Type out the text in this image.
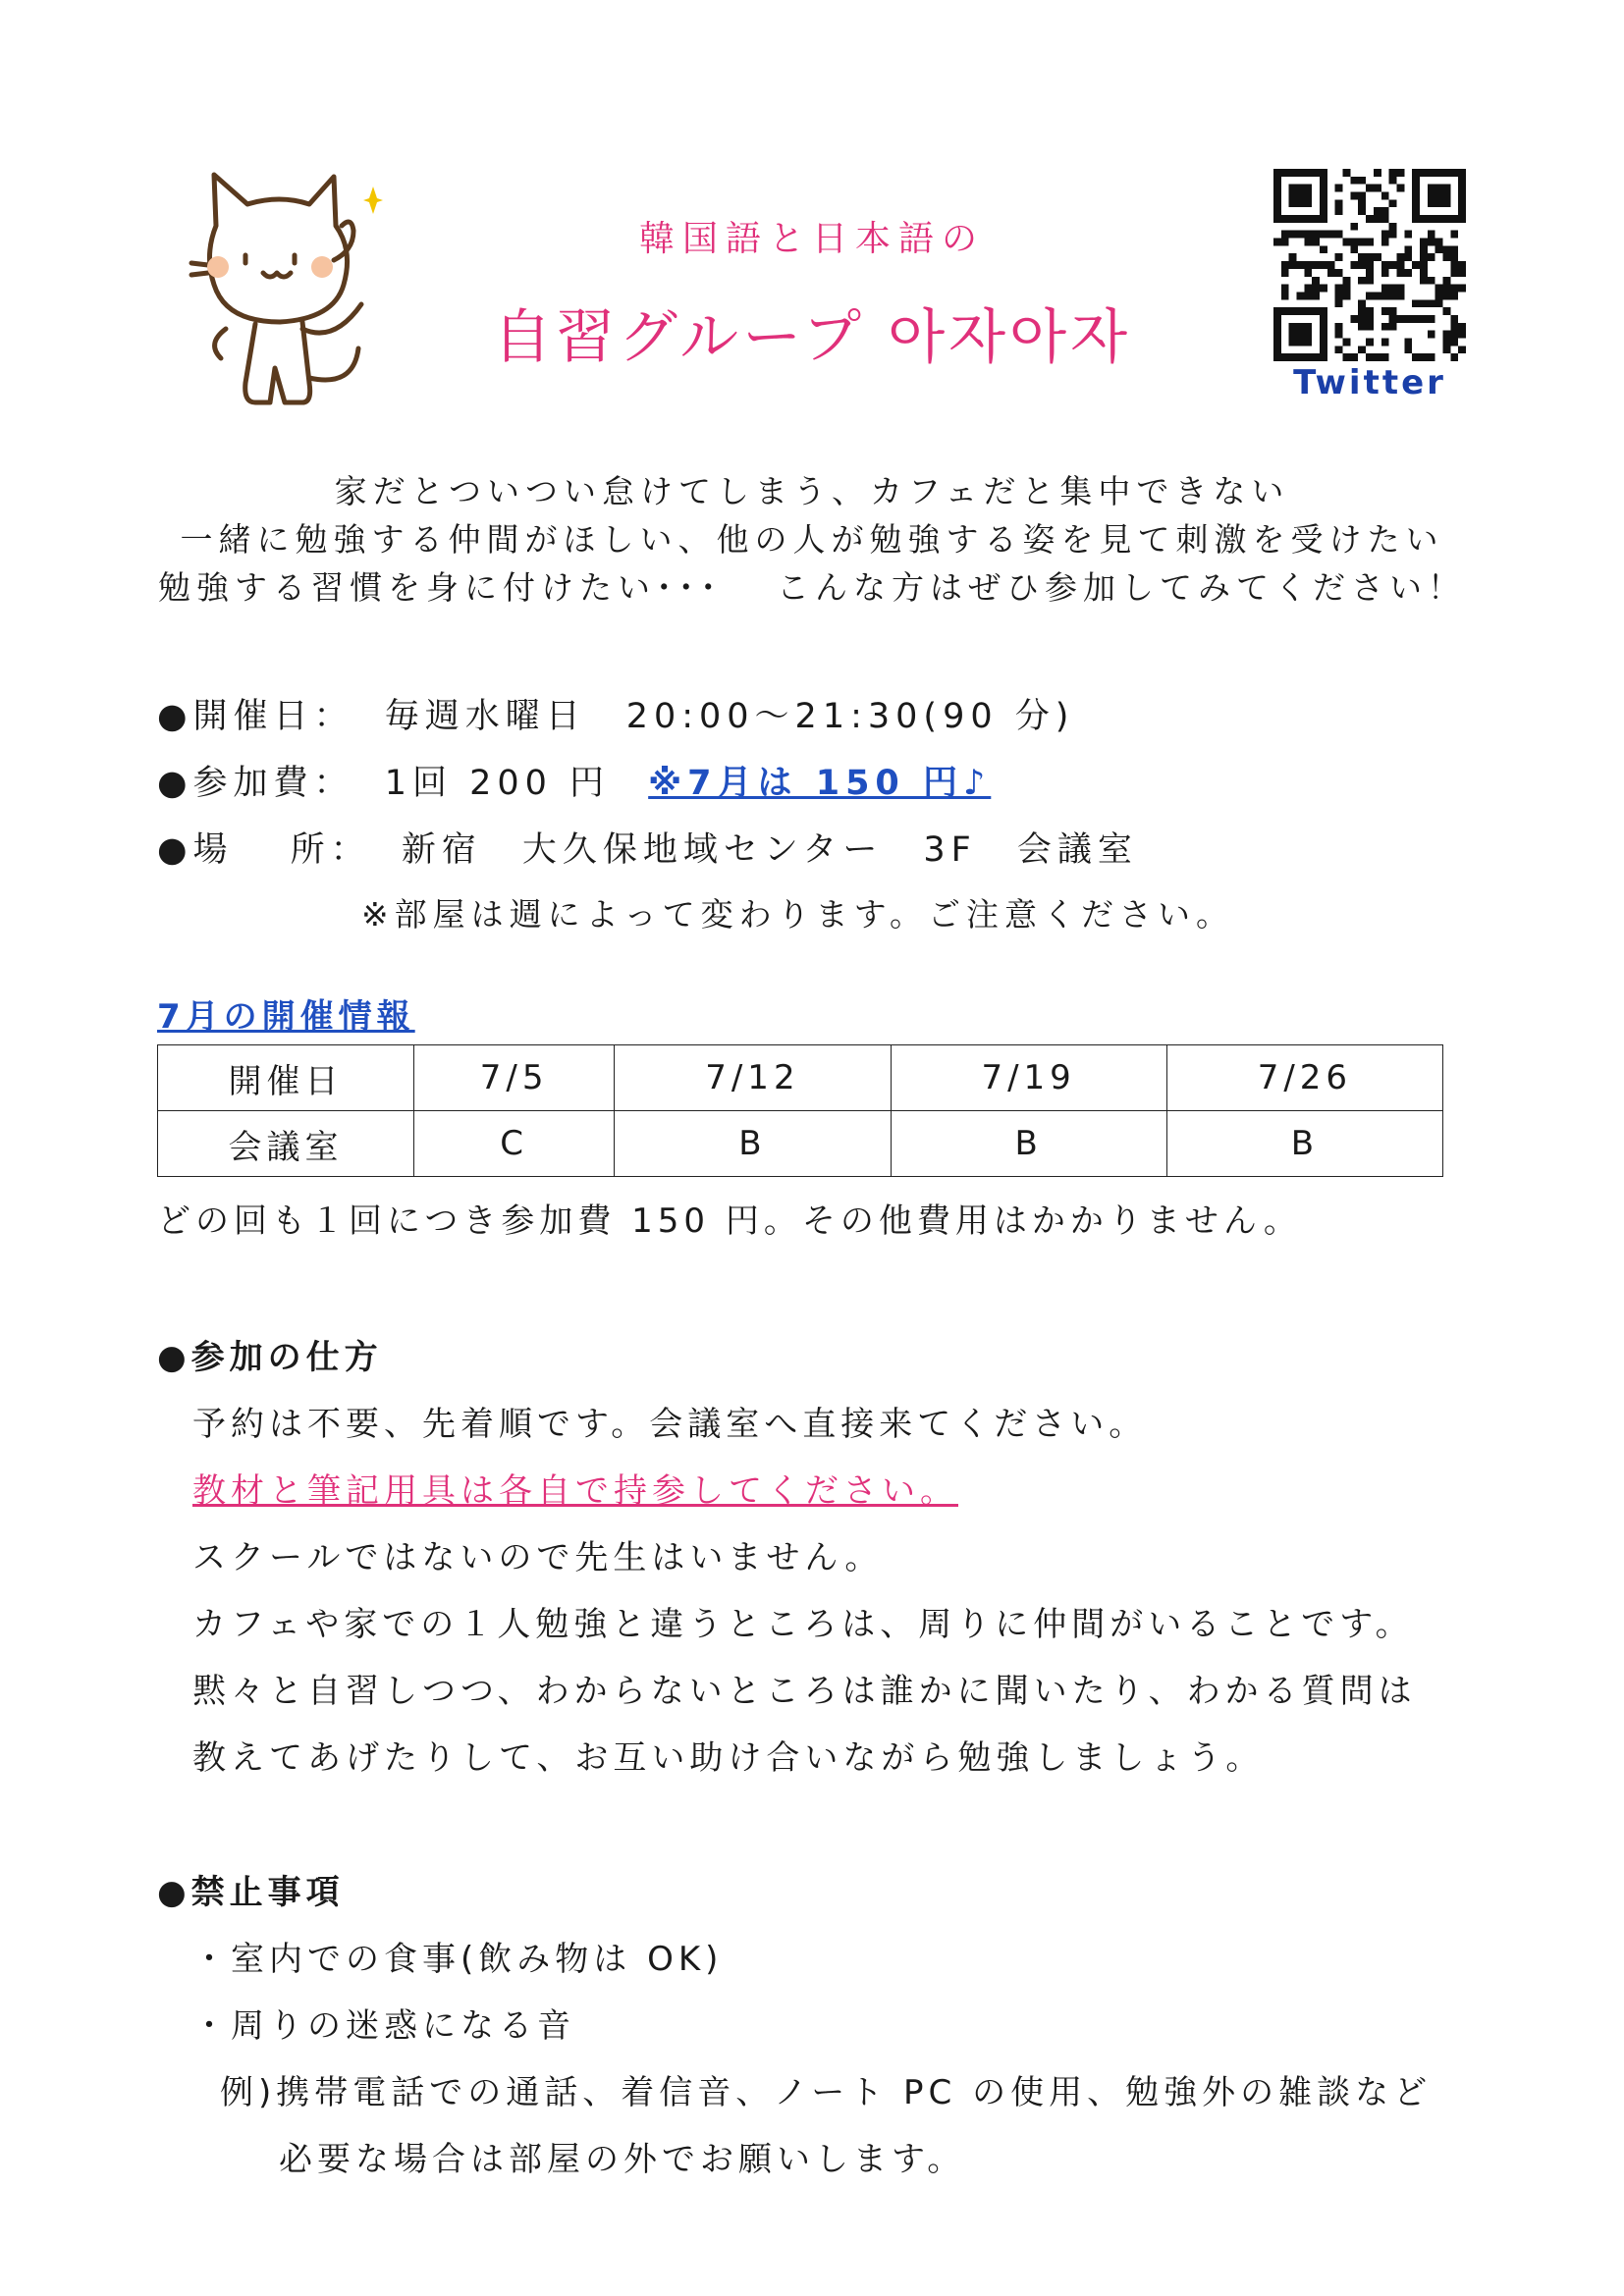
韓国語と日本語の
自習グループ 아자아자
Twitter
家だとついつい怠けてしまう、カフェだと集中できない
一緒に勉強する仲間がほしい、他の人が勉強する姿を見て刺激を受けたい
勉強する習慣を身に付けたい･･･　 こんな方はぜひ参加してみてください！
●開催日： 毎週水曜日　20:00～21:30(90 分)
●参加費： 1回 200 円 ※7月は 150 円♪
●場　 所： 新宿　大久保地域センター　3F　会議室
※部屋は週によって変わります。ご注意ください。
7月の開催情報
開催日	7/5	7/12	7/19	7/26
会議室	C	B	B	B
どの回も１回につき参加費 150 円。その他費用はかかりません。
●参加の仕方
予約は不要、先着順です。会議室へ直接来てください。
教材と筆記用具は各自で持参してください。
スクールではないので先生はいません。
カフェや家での１人勉強と違うところは、周りに仲間がいることです。
黙々と自習しつつ、わからないところは誰かに聞いたり、わかる質問は
教えてあげたりして、お互い助け合いながら勉強しましょう。
●禁止事項
・室内での食事(飲み物は OK)
・周りの迷惑になる音
例)携帯電話での通話、着信音、ノート PC の使用、勉強外の雑談など
必要な場合は部屋の外でお願いします。
